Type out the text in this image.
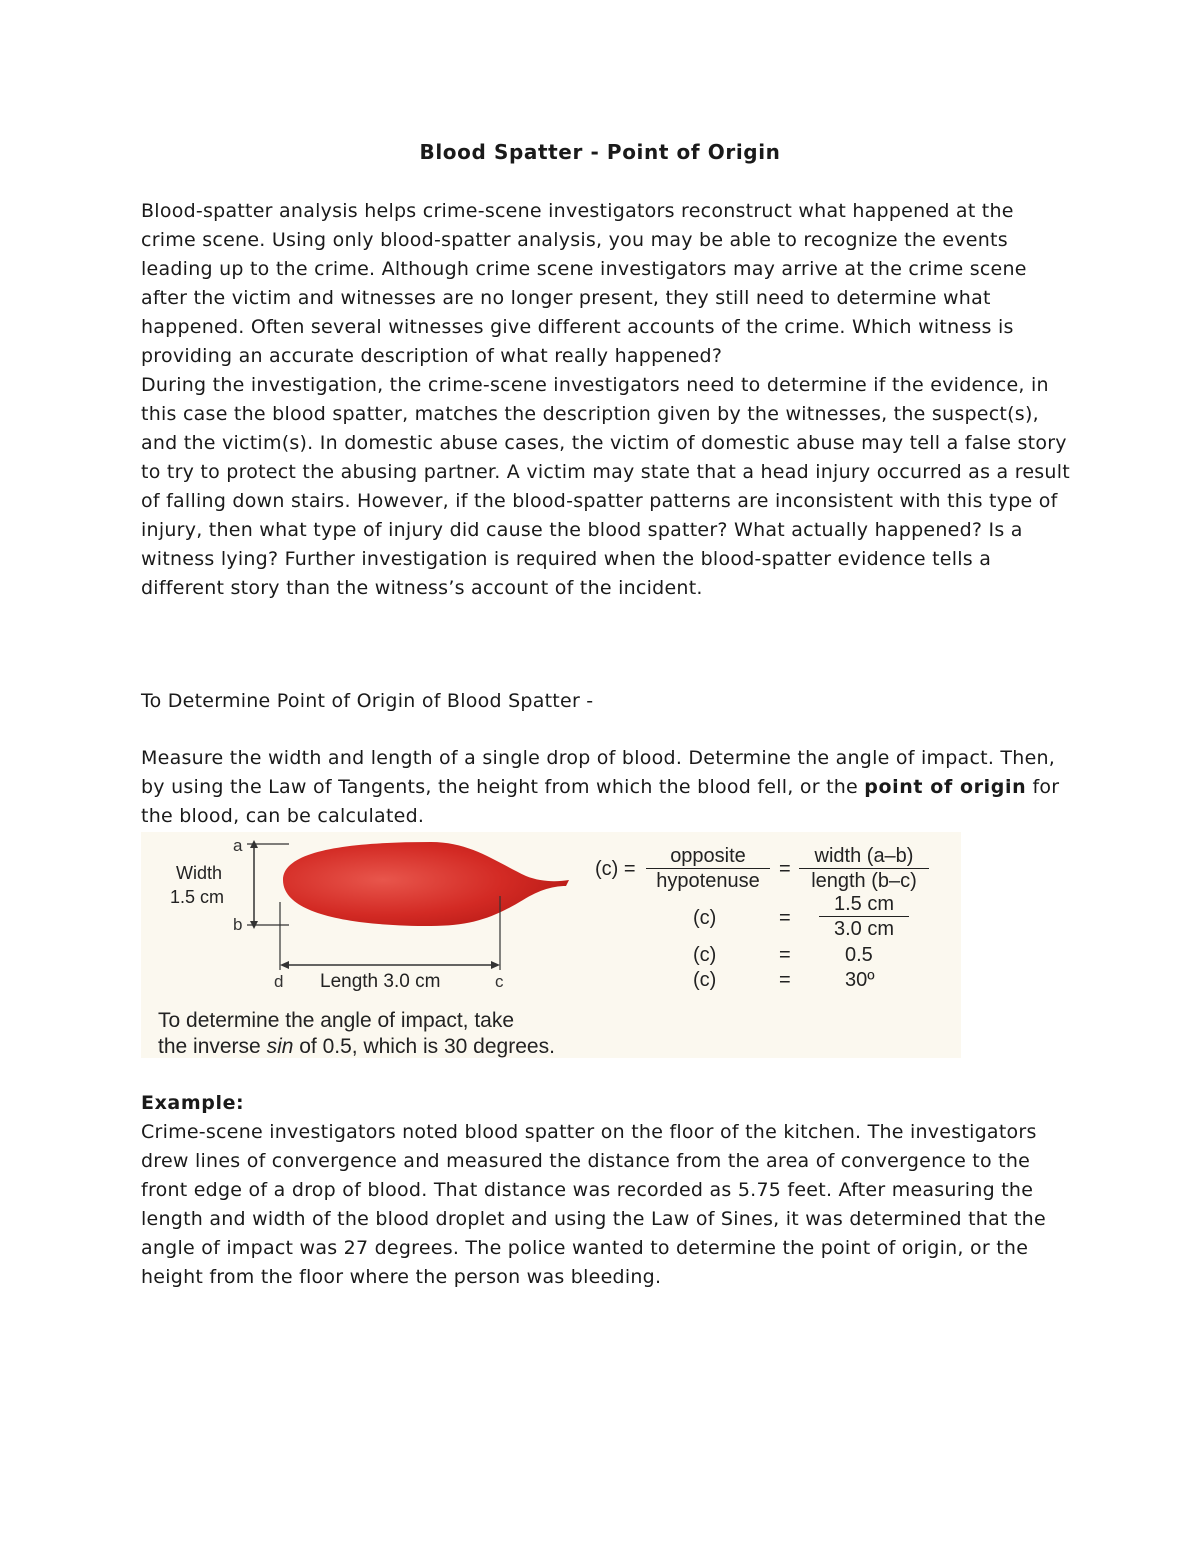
Blood Spatter - Point of Origin

Blood-spatter analysis helps crime-scene investigators reconstruct what happened at the crime scene. Using only blood-spatter analysis, you may be able to recognize the events leading up to the crime. Although crime scene investigators may arrive at the crime scene after the victim and witnesses are no longer present, they still need to determine what happened. Often several witnesses give different accounts of the crime. Which witness is providing an accurate description of what really happened?

During the investigation, the crime-scene investigators need to determine if the evidence, in this case the blood spatter, matches the description given by the witnesses, the suspect(s), and the victim(s). In domestic abuse cases, the victim of domestic abuse may tell a false story to try to protect the abusing partner. A victim may state that a head injury occurred as a result of falling down stairs. However, if the blood-spatter patterns are inconsistent with this type of injury, then what type of injury did cause the blood spatter? What actually happened? Is a witness lying? Further investigation is required when the blood-spatter evidence tells a different story than the witness’s account of the incident.

To Determine Point of Origin of Blood Spatter -

Measure the width and length of a single drop of blood. Determine the angle of impact. Then, by using the Law of Tangents, the height from which the blood fell, or the point of origin for the blood, can be calculated.

a
b
Width
1.5 cm
d Length 3.0 cm	c
(c) =
opposite
hypotenuse
=
width (a–b)
length (b–c)
(c)	= $\frac{1.5 cm}{3.0 cm}$
(c)	=	0.5
(c)	=	30º

To determine the angle of impact, take

the inverse sin of 0.5, which is 30 degrees.

Example:

Crime-scene investigators noted blood spatter on the floor of the kitchen. The investigators drew lines of convergence and measured the distance from the area of convergence to the front edge of a drop of blood. That distance was recorded as 5.75 feet. After measuring the length and width of the blood droplet and using the Law of Sines, it was determined that the angle of impact was 27 degrees. The police wanted to determine the point of origin, or the height from the floor where the person was bleeding.
